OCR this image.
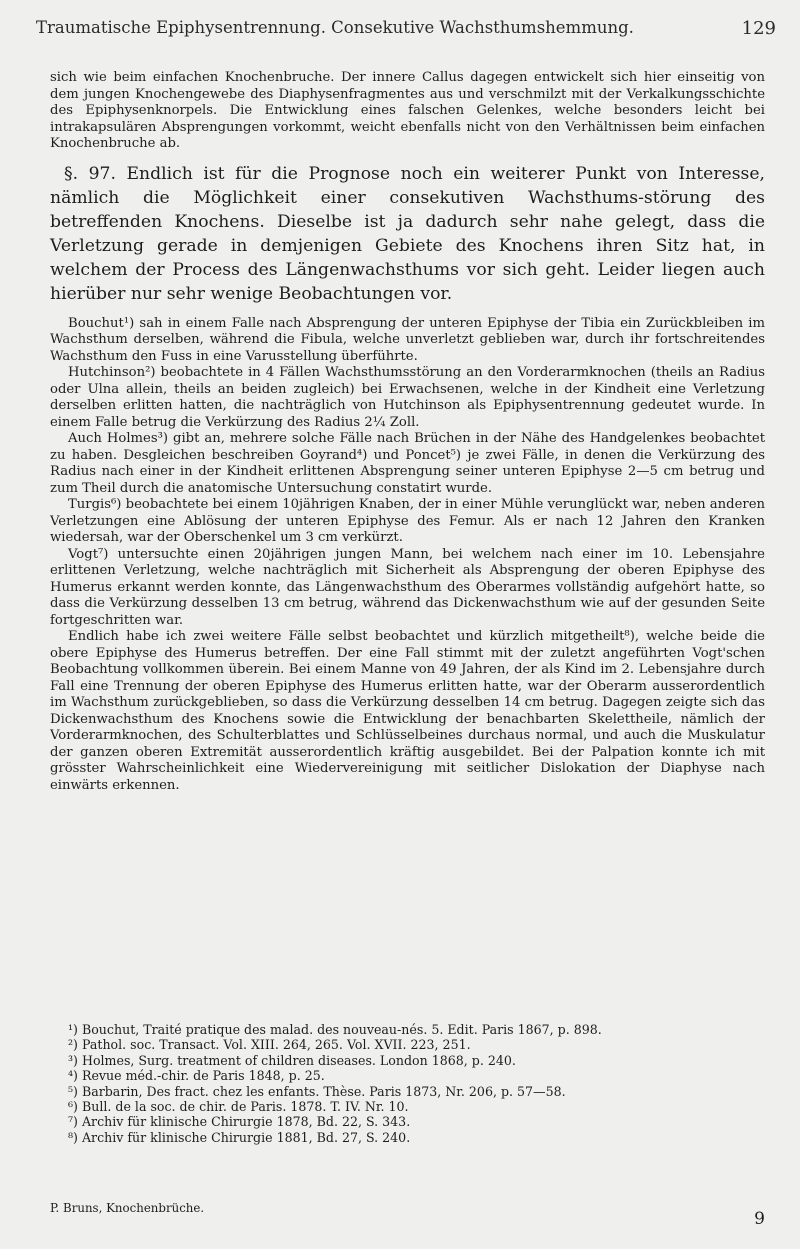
Traumatische Epiphysentrennung. Consekutive Wachsthumshemmung.	129

sich wie beim einfachen Knochenbruche. Der innere Callus dagegen entwickelt sich hier einseitig von dem jungen Knochengewebe des Diaphysenfragmentes aus und verschmilzt mit der Verkalkungsschichte des Epiphysenknorpels. Die Entwicklung eines falschen Gelenkes, welche besonders leicht bei intrakapsulären Absprengungen vorkommt, weicht ebenfalls nicht von den Verhältnissen beim einfachen Knochenbruche ab.

§. 97. Endlich ist für die Prognose noch ein weiterer Punkt von Interesse, nämlich die Möglichkeit einer consekutiven Wachsthums-störung des betreffenden Knochens. Dieselbe ist ja dadurch sehr nahe gelegt, dass die Verletzung gerade in demjenigen Gebiete des Knochens ihren Sitz hat, in welchem der Process des Längenwachsthums vor sich geht. Leider liegen auch hierüber nur sehr wenige Beobachtungen vor.

Bouchut¹) sah in einem Falle nach Absprengung der unteren Epiphyse der Tibia ein Zurückbleiben im Wachsthum derselben, während die Fibula, welche unverletzt geblieben war, durch ihr fortschreitendes Wachsthum den Fuss in eine Varusstellung überführte.

Hutchinson²) beobachtete in 4 Fällen Wachsthumsstörung an den Vorderarmknochen (theils an Radius oder Ulna allein, theils an beiden zugleich) bei Erwachsenen, welche in der Kindheit eine Verletzung derselben erlitten hatten, die nachträglich von Hutchinson als Epiphysentrennung gedeutet wurde. In einem Falle betrug die Verkürzung des Radius 2¼ Zoll.

Auch Holmes³) gibt an, mehrere solche Fälle nach Brüchen in der Nähe des Handgelenkes beobachtet zu haben. Desgleichen beschreiben Goyrand⁴) und Poncet⁵) je zwei Fälle, in denen die Verkürzung des Radius nach einer in der Kindheit erlittenen Absprengung seiner unteren Epiphyse 2—5 cm betrug und zum Theil durch die anatomische Untersuchung constatirt wurde.

Turgis⁶) beobachtete bei einem 10jährigen Knaben, der in einer Mühle verunglückt war, neben anderen Verletzungen eine Ablösung der unteren Epiphyse des Femur. Als er nach 12 Jahren den Kranken wiedersah, war der Oberschenkel um 3 cm verkürzt.

Vogt⁷) untersuchte einen 20jährigen jungen Mann, bei welchem nach einer im 10. Lebensjahre erlittenen Verletzung, welche nachträglich mit Sicherheit als Absprengung der oberen Epiphyse des Humerus erkannt werden konnte, das Längenwachsthum des Oberarmes vollständig aufgehört hatte, so dass die Verkürzung desselben 13 cm betrug, während das Dickenwachsthum wie auf der gesunden Seite fortgeschritten war.

Endlich habe ich zwei weitere Fälle selbst beobachtet und kürzlich mitgetheilt⁸), welche beide die obere Epiphyse des Humerus betreffen. Der eine Fall stimmt mit der zuletzt angeführten Vogt'schen Beobachtung vollkommen überein. Bei einem Manne von 49 Jahren, der als Kind im 2. Lebensjahre durch Fall eine Trennung der oberen Epiphyse des Humerus erlitten hatte, war der Oberarm ausserordentlich im Wachsthum zurückgeblieben, so dass die Verkürzung desselben 14 cm betrug. Dagegen zeigte sich das Dickenwachsthum des Knochens sowie die Entwicklung der benachbarten Skelettheile, nämlich der Vorderarmknochen, des Schulterblattes und Schlüsselbeines durchaus normal, und auch die Muskulatur der ganzen oberen Extremität ausserordentlich kräftig ausgebildet. Bei der Palpation konnte ich mit grösster Wahrscheinlichkeit eine Wiedervereinigung mit seitlicher Dislokation der Diaphyse nach einwärts erkennen.

¹) Bouchut, Traité pratique des malad. des nouveau-nés. 5. Edit. Paris 1867, p. 898.

²) Pathol. soc. Transact. Vol. XIII. 264, 265. Vol. XVII. 223, 251.

³) Holmes, Surg. treatment of children diseases. London 1868, p. 240.

⁴) Revue méd.-chir. de Paris 1848, p. 25.

⁵) Barbarin, Des fract. chez les enfants. Thèse. Paris 1873, Nr. 206, p. 57—58.

⁶) Bull. de la soc. de chir. de Paris. 1878. T. IV. Nr. 10.

⁷) Archiv für klinische Chirurgie 1878, Bd. 22, S. 343.

⁸) Archiv für klinische Chirurgie 1881, Bd. 27, S. 240.

P. Bruns, Knochenbrüche.
9
